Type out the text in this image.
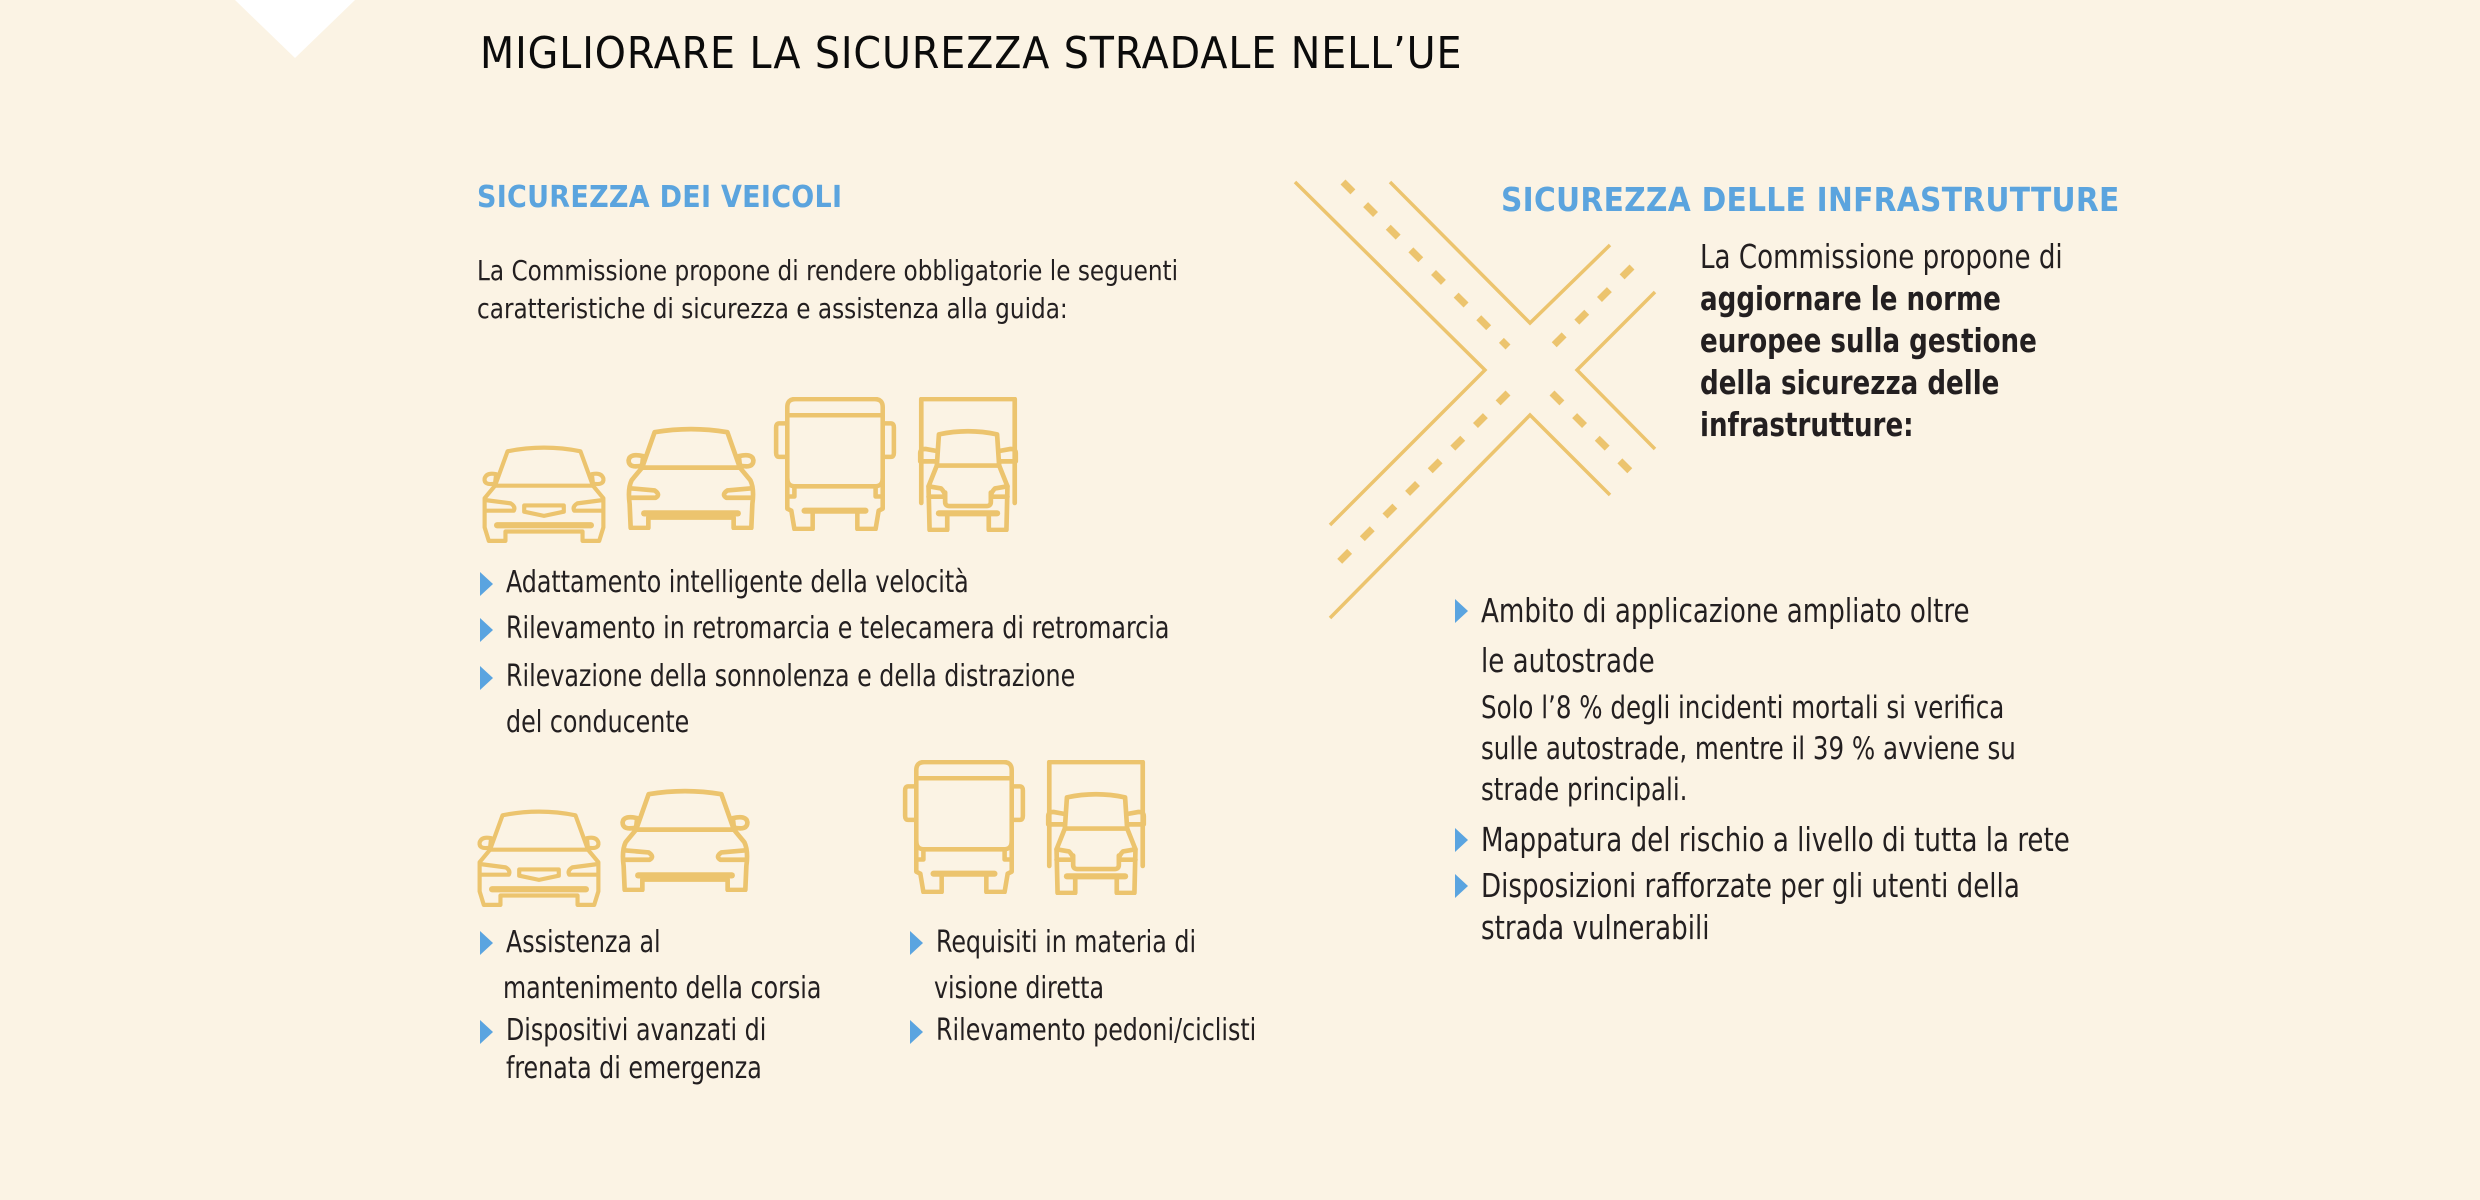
MIGLIORARE LA SICUREZZA STRADALE NELL’UE
SICUREZZA DEI VEICOLI
La Commissione propone di rendere obbligatorie le seguenti
caratteristiche di sicurezza e assistenza alla guida:
Adattamento intelligente della velocità
Rilevamento in retromarcia e telecamera di retromarcia
Rilevazione della sonnolenza e della distrazione
del conducente
Assistenza al
mantenimento della corsia
Dispositivi avanzati di
frenata di emergenza
Requisiti in materia di
visione diretta
Rilevamento pedoni/ciclisti
SICUREZZA DELLE INFRASTRUTTURE
La Commissione propone di
aggiornare le norme
europee sulla gestione
della sicurezza delle
infrastrutture:
Ambito di applicazione ampliato oltre
le autostrade
Solo l’8 % degli incidenti mortali si verifica
sulle autostrade, mentre il 39 % avviene su
strade principali.
Mappatura del rischio a livello di tutta la rete
Disposizioni rafforzate per gli utenti della
strada vulnerabili
